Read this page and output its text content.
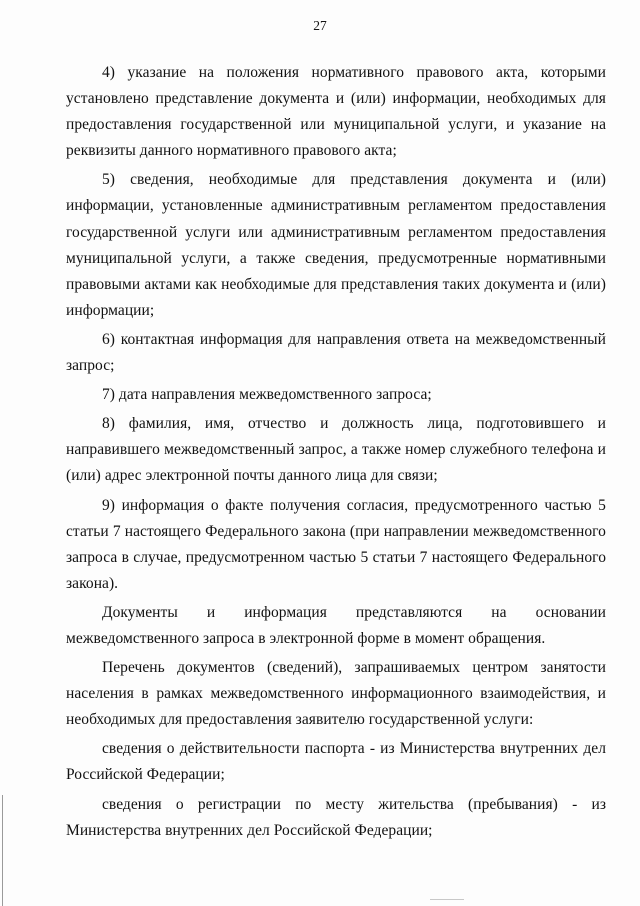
27

4) указание на положения нормативного правового акта, которыми установлено представление документа и (или) информации, необходимых для предоставления государственной или муниципальной услуги, и указание на реквизиты данного нормативного правового акта;

5) сведения, необходимые для представления документа и (или) информации, установленные административным регламентом предоставления государственной услуги или административным регламентом предоставления муниципальной услуги, а также сведения, предусмотренные нормативными правовыми актами как необходимые для представления таких документа и (или) информации;

6) контактная информация для направления ответа на межведомственный запрос;

7) дата направления межведомственного запроса;

8) фамилия, имя, отчество и должность лица, подготовившего и направившего межведомственный запрос, а также номер служебного телефона и (или) адрес электронной почты данного лица для связи;

9) информация о факте получения согласия, предусмотренного частью 5 статьи 7 настоящего Федерального закона (при направлении межведомственного запроса в случае, предусмотренном частью 5 статьи 7 настоящего Федерального закона).

Документы и информация представляются на основании межведомственного запроса в электронной форме в момент обращения.

Перечень документов (сведений), запрашиваемых центром занятости населения в рамках межведомственного информационного взаимодействия, и необходимых для предоставления заявителю государственной услуги:

сведения о действительности паспорта - из Министерства внутренних дел Российской Федерации;

сведения о регистрации по месту жительства (пребывания) - из Министерства внутренних дел Российской Федерации;
